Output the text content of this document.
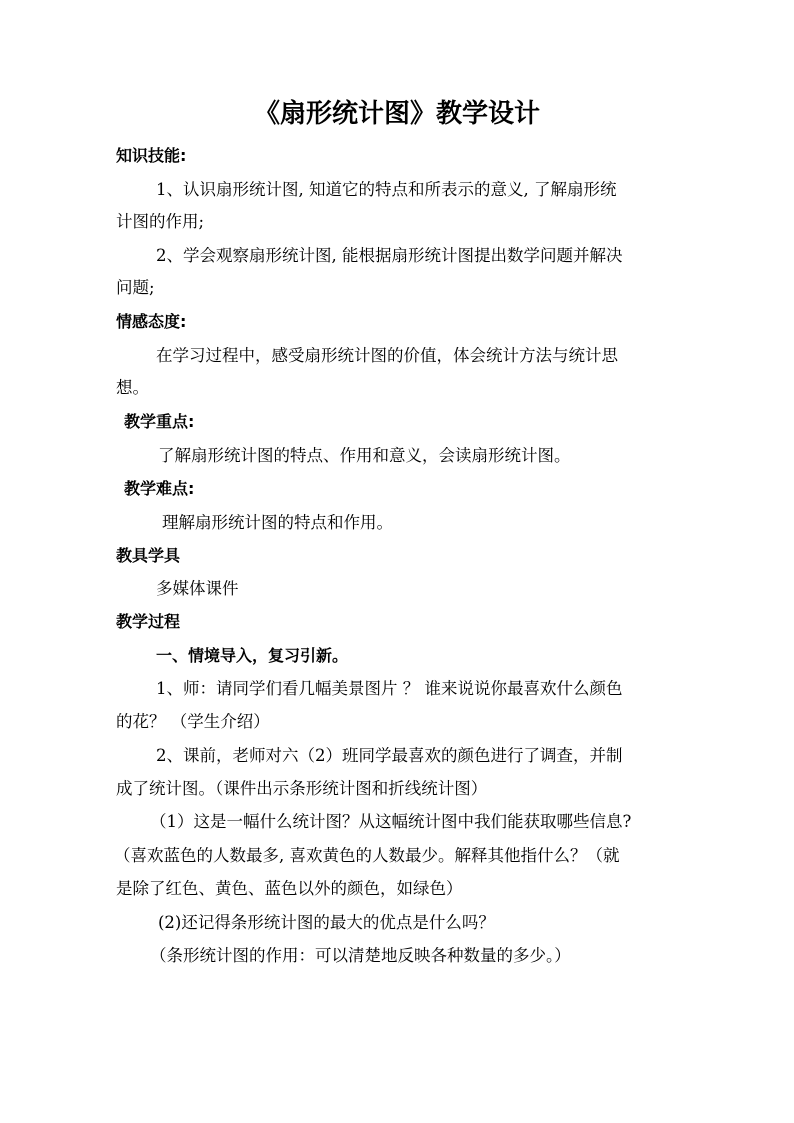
《扇形统计图》教学设计
知识技能:
1、认识扇形统计图, 知道它的特点和所表示的意义, 了解扇形统
计图的作用;
2、学会观察扇形统计图, 能根据扇形统计图提出数学问题并解决
问题;
情感态度:
在学习过程中，感受扇形统计图的价值，体会统计方法与统计思
想。
教学重点:
了解扇形统计图的特点、作用和意义，会读扇形统计图。
教学难点:
理解扇形统计图的特点和作用。
教具学具
多媒体课件
教学过程
一、情境导入，复习引新。
1、师：请同学们看几幅美景图片 ？ 谁来说说你最喜欢什么颜色
的花？ （学生介绍）
2、课前，老师对六（2）班同学最喜欢的颜色进行了调查，并制
成了统计图。（课件出示条形统计图和折线统计图）
（1）这是一幅什么统计图？从这幅统计图中我们能获取哪些信息?
（喜欢蓝色的人数最多, 喜欢黄色的人数最少。解释其他指什么？（就
是除了红色、黄色、蓝色以外的颜色，如绿色）
(2)还记得条形统计图的最大的优点是什么吗？
（条形统计图的作用：可以清楚地反映各种数量的多少。）
